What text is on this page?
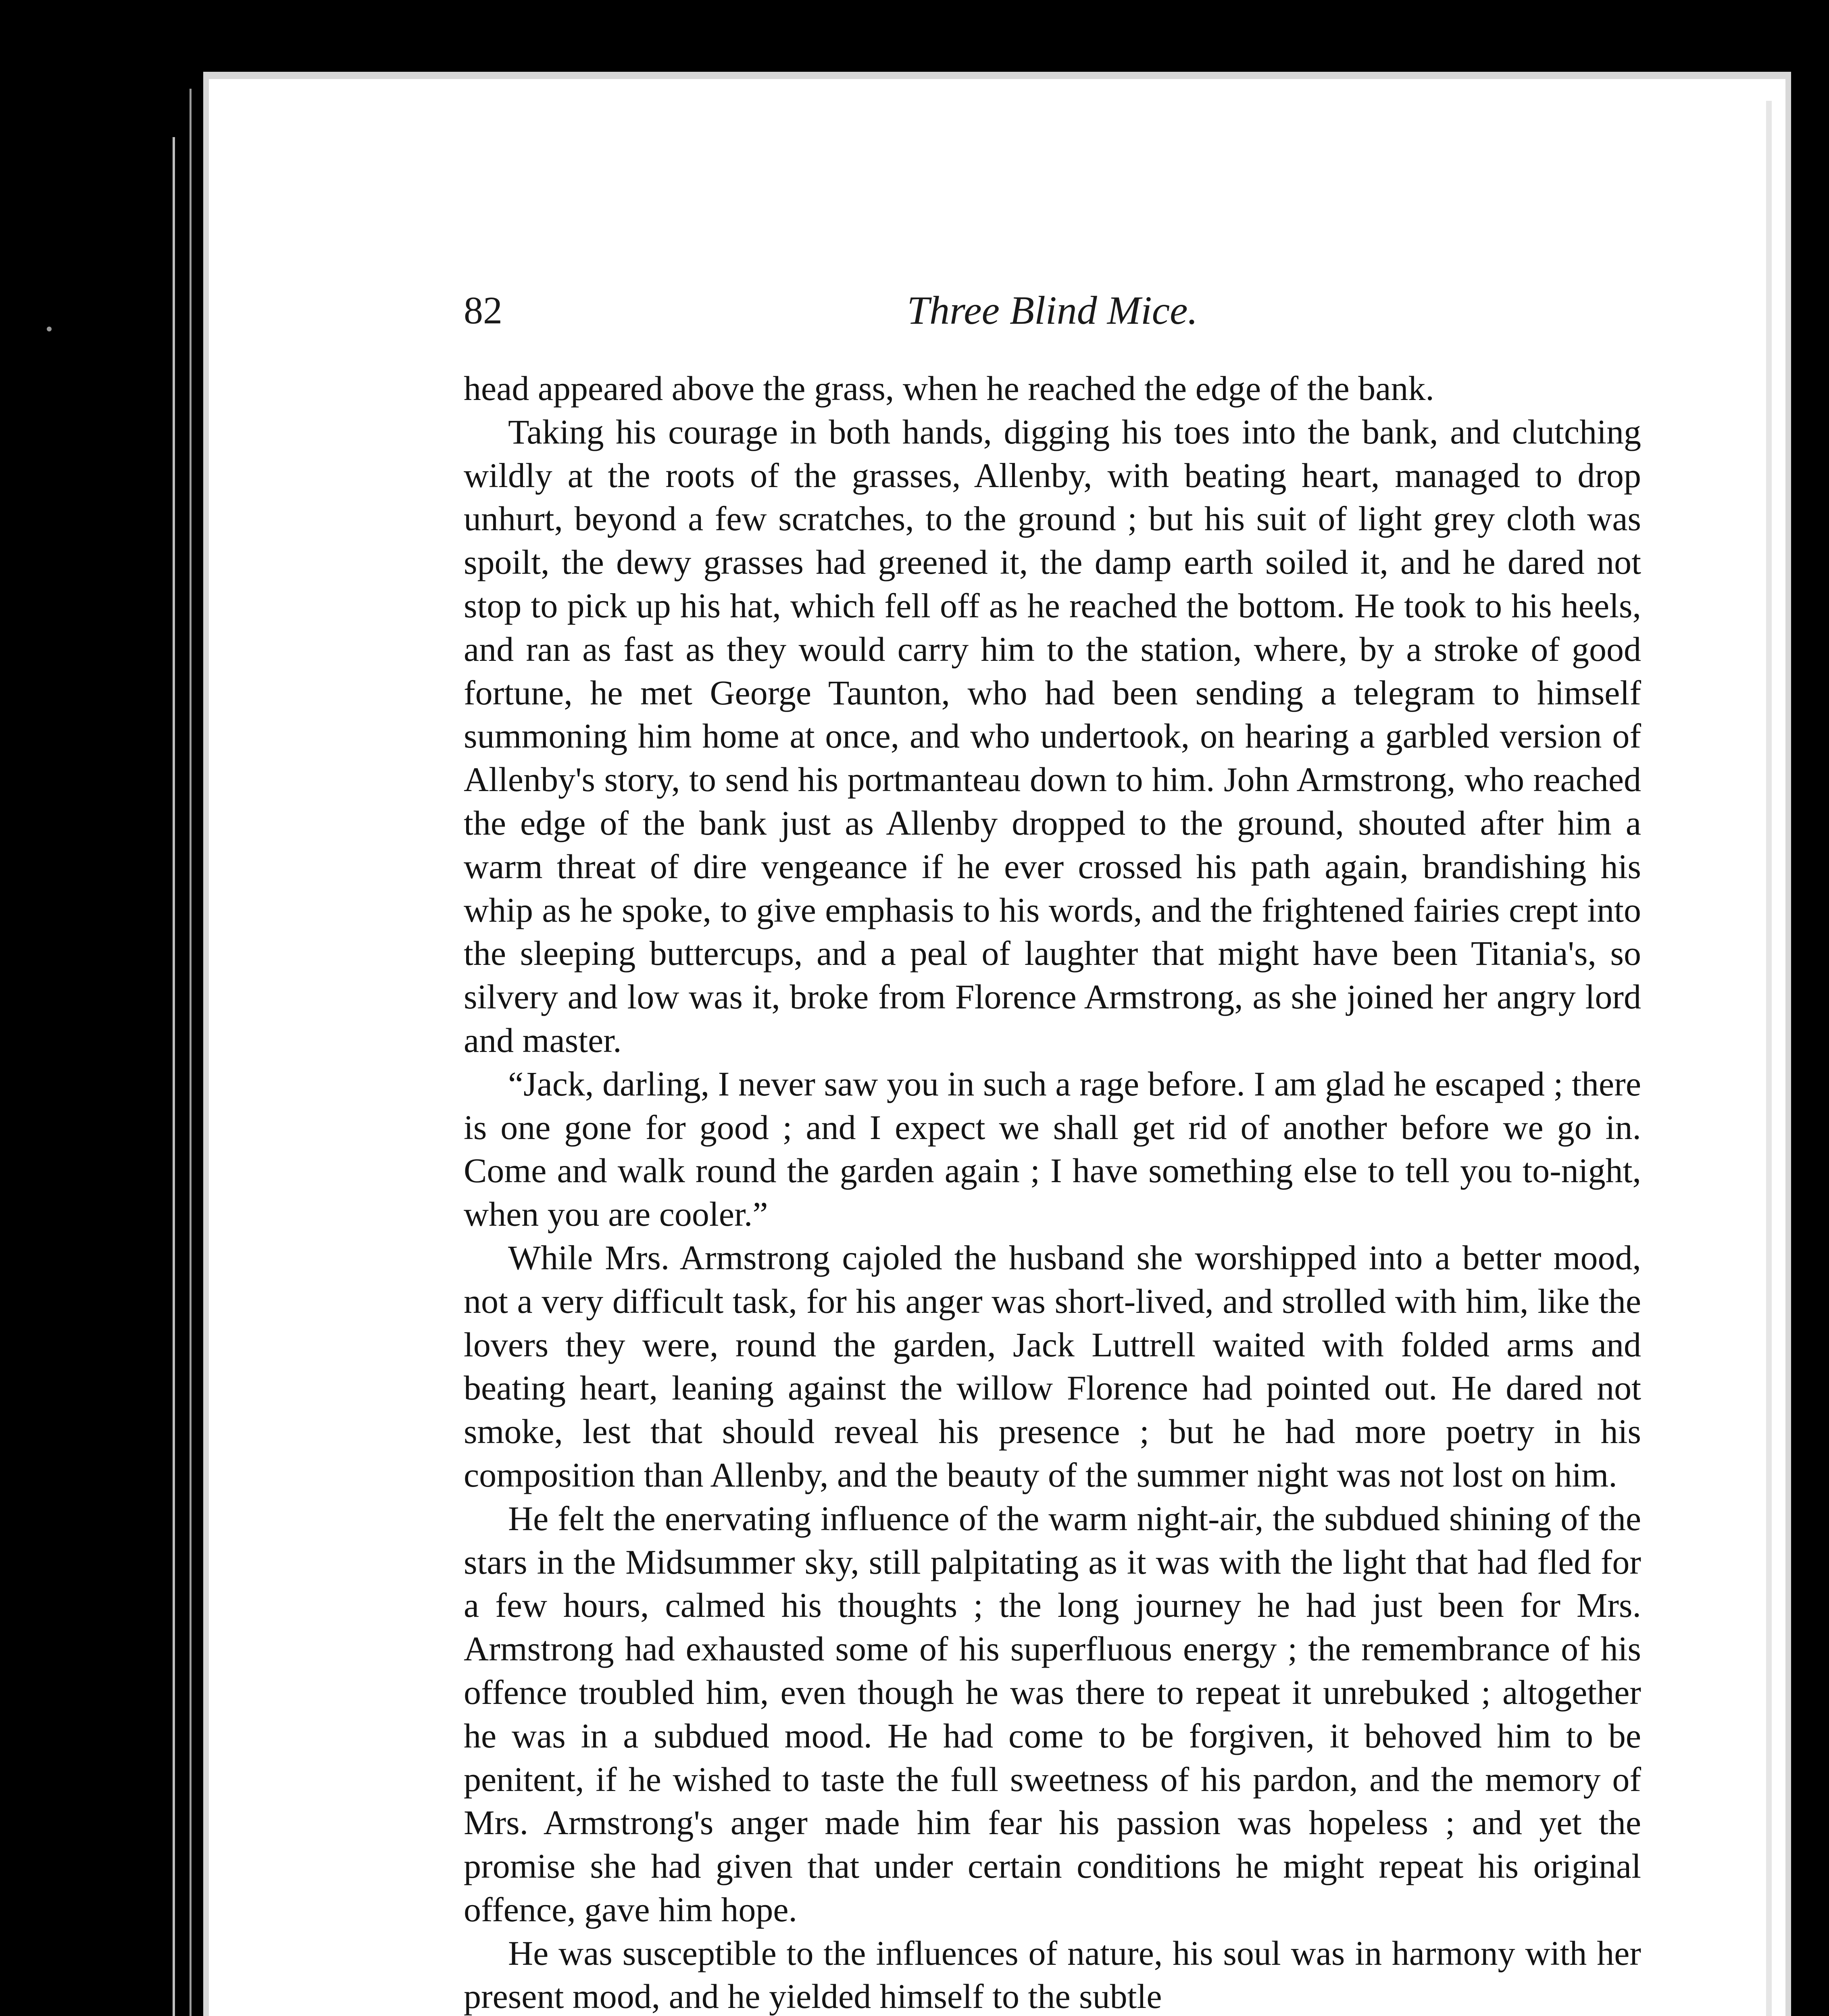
82	Three Blind Mice.

head appeared above the grass, when he reached the edge of the bank.

Taking his courage in both hands, digging his toes into the bank, and clutching wildly at the roots of the grasses, Allenby, with beating heart, managed to drop unhurt, beyond a few scratches, to the ground ; but his suit of light grey cloth was spoilt, the dewy grasses had greened it, the damp earth soiled it, and he dared not stop to pick up his hat, which fell off as he reached the bottom. He took to his heels, and ran as fast as they would carry him to the station, where, by a stroke of good fortune, he met George Taunton, who had been sending a telegram to himself summoning him home at once, and who undertook, on hearing a garbled version of Allenby's story, to send his portmanteau down to him. John Armstrong, who reached the edge of the bank just as Allenby dropped to the ground, shouted after him a warm threat of dire vengeance if he ever crossed his path again, brandishing his whip as he spoke, to give emphasis to his words, and the frightened fairies crept into the sleeping buttercups, and a peal of laughter that might have been Titania's, so silvery and low was it, broke from Florence Armstrong, as she joined her angry lord and master.

“Jack, darling, I never saw you in such a rage before. I am glad he escaped ; there is one gone for good ; and I expect we shall get rid of another before we go in. Come and walk round the garden again ; I have something else to tell you to-night, when you are cooler.”

While Mrs. Armstrong cajoled the husband she worshipped into a better mood, not a very difficult task, for his anger was short-lived, and strolled with him, like the lovers they were, round the garden, Jack Luttrell waited with folded arms and beating heart, leaning against the willow Florence had pointed out. He dared not smoke, lest that should reveal his presence ; but he had more poetry in his composition than Allenby, and the beauty of the summer night was not lost on him.

He felt the enervating influence of the warm night-air, the subdued shining of the stars in the Midsummer sky, still palpitating as it was with the light that had fled for a few hours, calmed his thoughts ; the long journey he had just been for Mrs. Armstrong had exhausted some of his superfluous energy ; the remembrance of his offence troubled him, even though he was there to repeat it unrebuked ; altogether he was in a subdued mood. He had come to be forgiven, it behoved him to be penitent, if he wished to taste the full sweetness of his pardon, and the memory of Mrs. Armstrong's anger made him fear his passion was hopeless ; and yet the promise she had given that under certain conditions he might repeat his original offence, gave him hope.

He was susceptible to the influences of nature, his soul was in harmony with her present mood, and he yielded himself to the subtle
